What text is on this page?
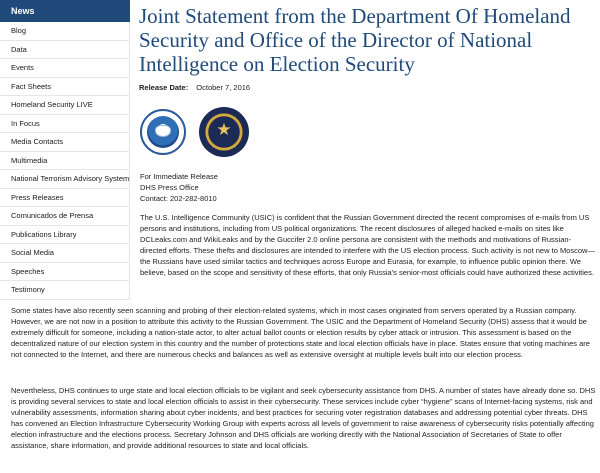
News
Blog
Data
Events
Fact Sheets
Homeland Security LIVE
In Focus
Media Contacts
Multimedia
National Terrorism Advisory System
Press Releases
Comunicados de Prensa
Publications Library
Social Media
Speeches
Testimony
Joint Statement from the Department Of Homeland Security and Office of the Director of National Intelligence on Election Security
Release Date: October 7, 2016
★
For Immediate Release
DHS Press Office
Contact: 202-282-8010

The U.S. Intelligence Community (USIC) is confident that the Russian Government directed the recent compromises of e-mails from US persons and institutions, including from US political organizations. The recent disclosures of alleged hacked e-mails on sites like DCLeaks.com and WikiLeaks and by the Guccifer 2.0 online persona are consistent with the methods and motivations of Russian-directed efforts. These thefts and disclosures are intended to interfere with the US election process. Such activity is not new to Moscow—the Russians have used similar tactics and techniques across Europe and Eurasia, for example, to influence public opinion there. We believe, based on the scope and sensitivity of these efforts, that only Russia's senior-most officials could have authorized these activities.

Some states have also recently seen scanning and probing of their election-related systems, which in most cases originated from servers operated by a Russian company. However, we are not now in a position to attribute this activity to the Russian Government. The USIC and the Department of Homeland Security (DHS) assess that it would be extremely difficult for someone, including a nation-state actor, to alter actual ballot counts or election results by cyber attack or intrusion. This assessment is based on the decentralized nature of our election system in this country and the number of protections state and local election officials have in place. States ensure that voting machines are not connected to the Internet, and there are numerous checks and balances as well as extensive oversight at multiple levels built into our election process.

Nevertheless, DHS continues to urge state and local election officials to be vigilant and seek cybersecurity assistance from DHS. A number of states have already done so. DHS is providing several services to state and local election officials to assist in their cybersecurity. These services include cyber “hygiene” scans of Internet-facing systems, risk and vulnerability assessments, information sharing about cyber incidents, and best practices for securing voter registration databases and addressing potential cyber threats. DHS has convened an Election Infrastructure Cybersecurity Working Group with experts across all levels of government to raise awareness of cybersecurity risks potentially affecting election infrastructure and the elections process. Secretary Johnson and DHS officials are working directly with the National Association of Secretaries of State to offer assistance, share information, and provide additional resources to state and local officials.
